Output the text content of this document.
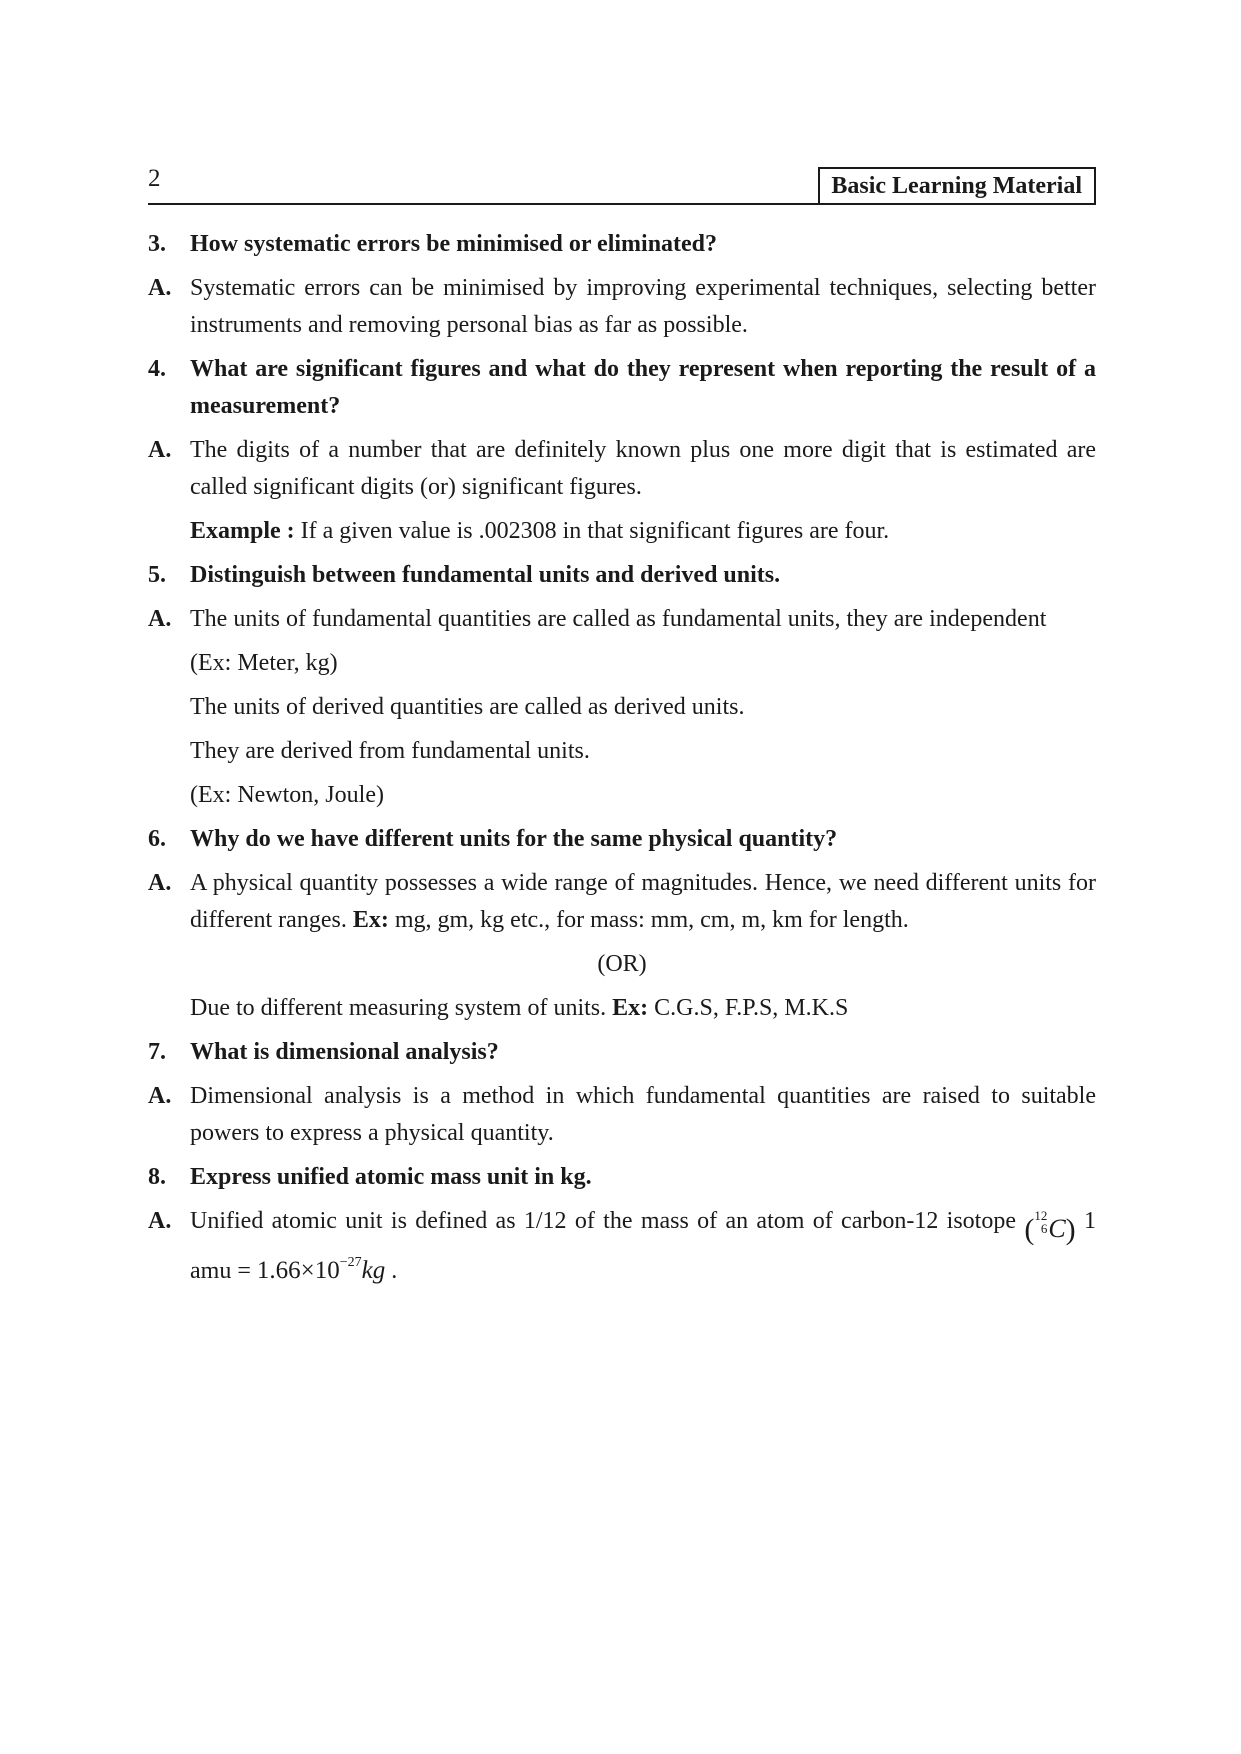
2	Basic Learning Material
3. How systematic errors be minimised or eliminated?
A. Systematic errors can be minimised by improving experimental techniques, selecting better instruments and removing personal bias as far as possible.
4. What are significant figures and what do they represent when reporting the result of a measurement?
A. The digits of a number that are definitely known plus one more digit that is estimated are called significant digits (or) significant figures.
Example : If a given value is .002308 in that significant figures are four.
5. Distinguish between fundamental units and derived units.
A. The units of fundamental quantities are called as fundamental units, they are independent
(Ex: Meter, kg)
The units of derived quantities are called as derived units.
They are derived from fundamental units.
(Ex: Newton, Joule)
6. Why do we have different units for the same physical quantity?
A. A physical quantity possesses a wide range of magnitudes. Hence, we need different units for different ranges. Ex: mg, gm, kg etc., for mass: mm, cm, m, km for length.
(OR)
Due to different measuring system of units. Ex: C.G.S, F.P.S, M.K.S
7. What is dimensional analysis?
A. Dimensional analysis is a method in which fundamental quantities are raised to suitable powers to express a physical quantity.
8. Express unified atomic mass unit in kg.
A. Unified atomic unit is defined as 1/12 of the mass of an atom of carbon-12 isotope (12
6C) 1 amu = $1.66\times 10^{-27}kg$ .
